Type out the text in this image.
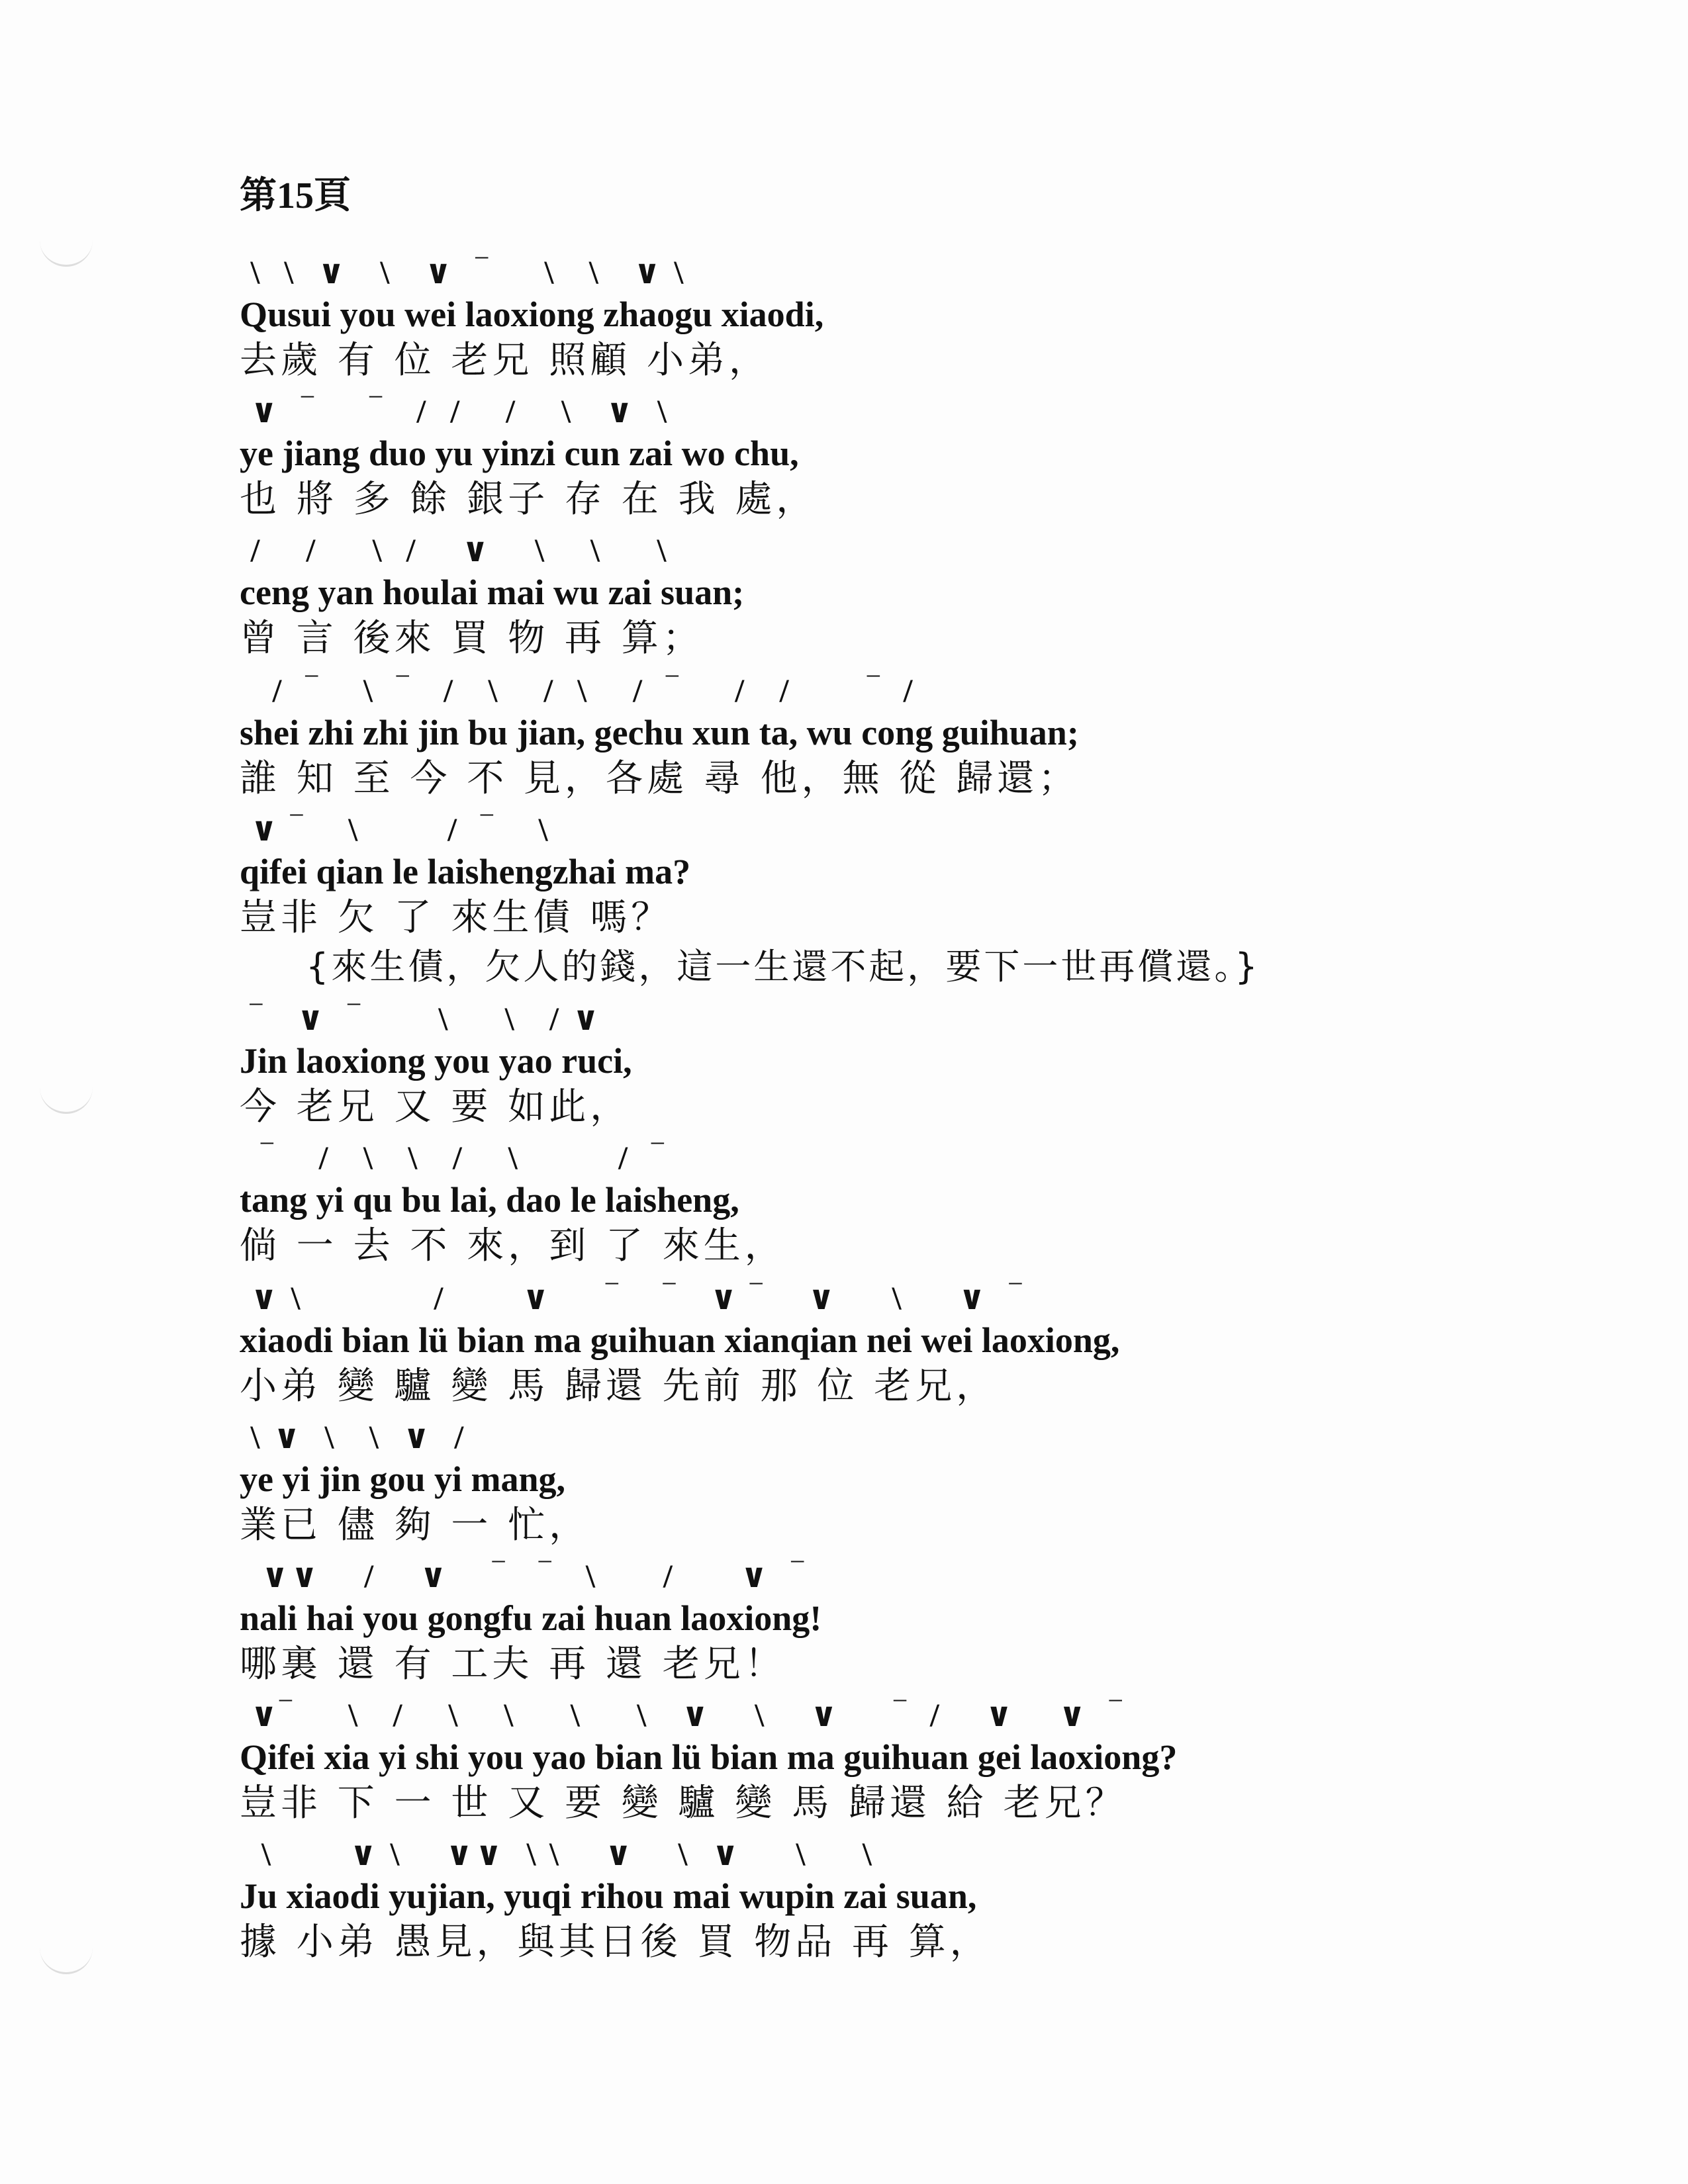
第15頁
\  \  ∨   \   ∨  ‾     \   \   ∨ \
Qusui you wei laoxiong zhaogu xiaodi,
去歲 有 位 老兄 照顧 小弟，
∨  ‾     ‾   /  /    /    \   ∨  \
ye jiang duo yu yinzi cun zai wo chu,
也 將 多 餘 銀子 存 在 我 處，
/    /     \  /    ∨    \    \     \
ceng yan houlai mai wu zai suan;
曾 言 後來 買 物 再 算；
/  ‾    \  ‾   /   \    /  \    /  ‾     /   /       ‾  /
shei zhi zhi jin bu jian, gechu xun ta, wu cong guihuan;
誰 知 至 今 不 見，各處 尋 他，無 從 歸還；
∨ ‾    \        /  ‾    \
qifei qian le laishengzhai ma?
豈非 欠 了 來生債 嗎？
{來生債，欠人的錢，這一生還不起，要下一世再償還。}
‾   ∨  ‾       \     \   / ∨
Jin laoxiong you yao ruci,
今 老兄 又 要 如此，
‾    /   \   \   /    \         /  ‾
tang yi qu bu lai, dao le laisheng,
倘 一 去 不 來，到 了 來生，
∨ \            /       ∨     ‾    ‾   ∨ ‾    ∨     \     ∨  ‾
xiaodi bian lü bian ma guihuan xianqian nei wei laoxiong,
小弟 變 驢 變 馬 歸還 先前 那 位 老兄，
\ ∨  \   \  ∨  /
ye yi jin gou yi mang,
業已 儘 夠 一 忙，
∨∨    /    ∨    ‾   ‾   \      /      ∨  ‾
nali hai you gongfu zai huan laoxiong!
哪裏 還 有 工夫 再 還 老兄！
∨‾     \   /    \    \     \     \   ∨    \    ∨     ‾  /    ∨    ∨  ‾
Qifei xia yi shi you yao bian lü bian ma guihuan gei laoxiong?
豈非 下 一 世 又 要 變 驢 變 馬 歸還 給 老兄？
\       ∨ \    ∨∨  \ \    ∨    \  ∨     \     \
Ju xiaodi yujian, yuqi rihou mai wupin zai suan,
據 小弟 愚見，與其日後 買 物品 再 算，
